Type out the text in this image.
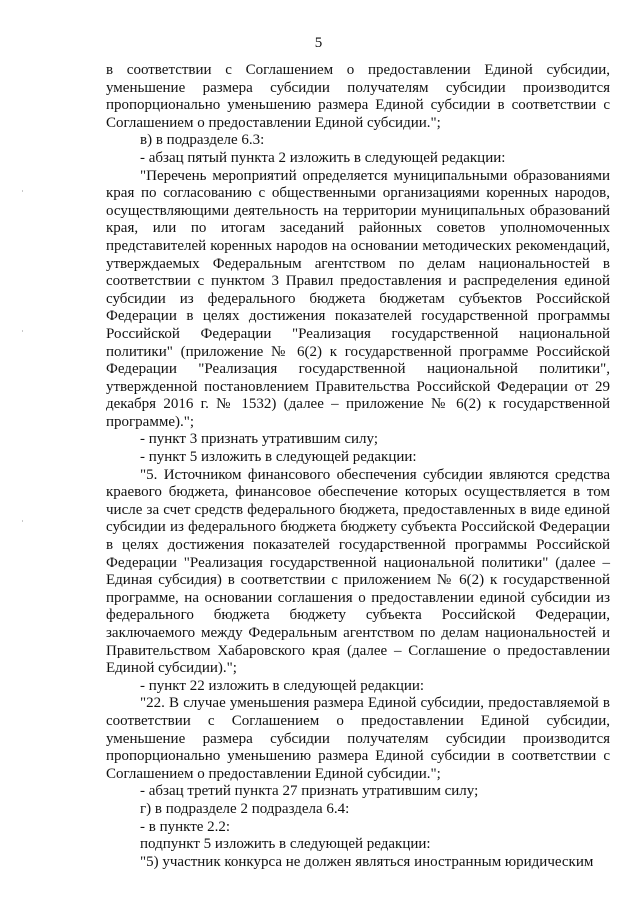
5

в соответствии с Соглашением о предоставлении Единой субсидии, уменьшение размера субсидии получателям субсидии производится пропорционально уменьшению размера Единой субсидии в соответствии с Соглашением о предоставлении Единой субсидии.";

в) в подразделе 6.3:

- абзац пятый пункта 2 изложить в следующей редакции:

"Перечень мероприятий определяется муниципальными образованиями края по согласованию с общественными организациями коренных народов, осуществляющими деятельность на территории муниципальных образований края, или по итогам заседаний районных советов уполномоченных представителей коренных народов на основании методических рекомендаций, утверждаемых Федеральным агентством по делам национальностей в соответствии с пунктом 3 Правил предоставления и распределения единой субсидии из федерального бюджета бюджетам субъектов Российской Федерации в целях достижения показателей государственной программы Российской Федерации "Реализация государственной национальной политики" (приложение № 6(2) к государственной программе Российской Федерации "Реализация государственной национальной политики", утвержденной постановлением Правительства Российской Федерации от 29 декабря 2016 г. № 1532) (далее – приложение № 6(2) к государственной программе).";

- пункт 3 признать утратившим силу;

- пункт 5 изложить в следующей редакции:

"5. Источником финансового обеспечения субсидии являются средства краевого бюджета, финансовое обеспечение которых осуществляется в том числе за счет средств федерального бюджета, предоставленных в виде единой субсидии из федерального бюджета бюджету субъекта Российской Федерации в целях достижения показателей государственной программы Российской Федерации "Реализация государственной национальной политики" (далее – Единая субсидия) в соответствии с приложением № 6(2) к государственной программе, на основании соглашения о предоставлении единой субсидии из федерального бюджета бюджету субъекта Российской Федерации, заключаемого между Федеральным агентством по делам национальностей и Правительством Хабаровского края (далее – Соглашение о предоставлении Единой субсидии).";

- пункт 22 изложить в следующей редакции:

"22. В случае уменьшения размера Единой субсидии, предоставляемой в соответствии с Соглашением о предоставлении Единой субсидии, уменьшение размера субсидии получателям субсидии производится пропорционально уменьшению размера Единой субсидии в соответствии с Соглашением о предоставлении Единой субсидии.";

- абзац третий пункта 27 признать утратившим силу;

г) в подразделе 2 подраздела 6.4:

- в пункте 2.2:

подпункт 5 изложить в следующей редакции:

"5) участник конкурса не должен являться иностранным юридическим
